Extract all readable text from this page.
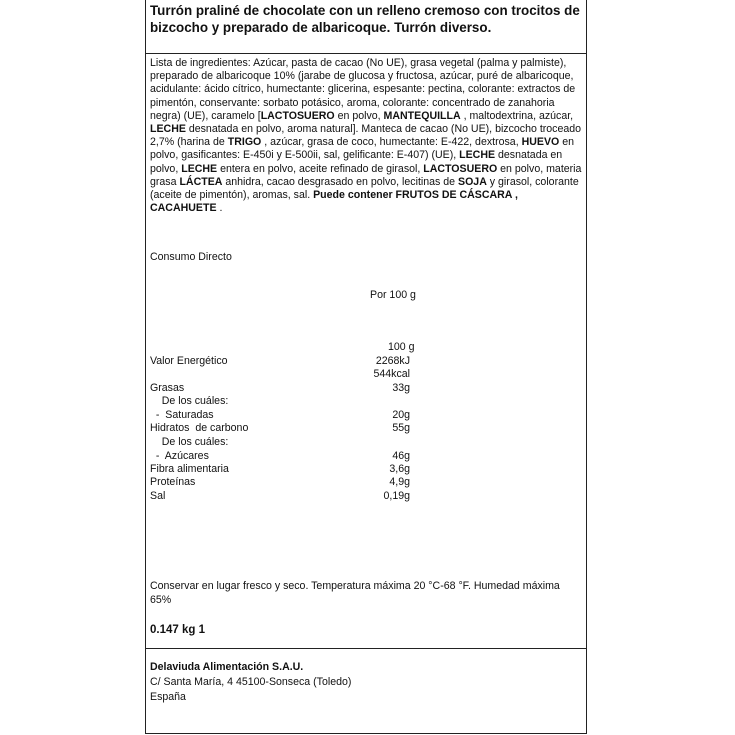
Turrón praliné de chocolate con un relleno cremoso con trocitos de bizcocho y preparado de albaricoque. Turrón diverso.

Lista de ingredientes: Azúcar, pasta de cacao (No UE), grasa vegetal (palma y palmiste), preparado de albaricoque 10% (jarabe de glucosa y fructosa, azúcar, puré de albaricoque, acidulante: ácido cítrico, humectante: glicerina, espesante: pectina, colorante: extractos de pimentón, conservante: sorbato potásico, aroma, colorante: concentrado de zanahoria negra) (UE), caramelo [LACTOSUERO en polvo, MANTEQUILLA , maltodextrina, azúcar, LECHE desnatada en polvo, aroma natural]. Manteca de cacao (No UE), bizcocho troceado 2,7% (harina de TRIGO , azúcar, grasa de coco, humectante: E-422, dextrosa, HUEVO en polvo, gasificantes: E-450i y E-500ii, sal, gelificante: E-407) (UE), LECHE desnatada en polvo, LECHE entera en polvo, aceite refinado de girasol, LACTOSUERO en polvo, materia grasa LÁCTEA anhidra, cacao desgrasado en polvo, lecitinas de SOJA y girasol, colorante (aceite de pimentón), aromas, sal. Puede contener FRUTOS DE CÁSCARA , CACAHUETE .

Consumo Directo
Por 100 g
100 g
Valor Energético	2268kJ
544kcal
Grasas	33g
De los cuáles:
-  Saturadas	20g
Hidratos  de carbono	55g
De los cuáles:
-  Azúcares	46g
Fibra alimentaria	3,6g
Proteínas	4,9g
Sal	0,19g

Conservar en lugar fresco y seco. Temperatura máxima 20 °C-68 °F. Humedad máxima 65%

0.147 kg 1
Delaviuda Alimentación S.A.U.
C/ Santa María, 4 45100-Sonseca (Toledo)
España
